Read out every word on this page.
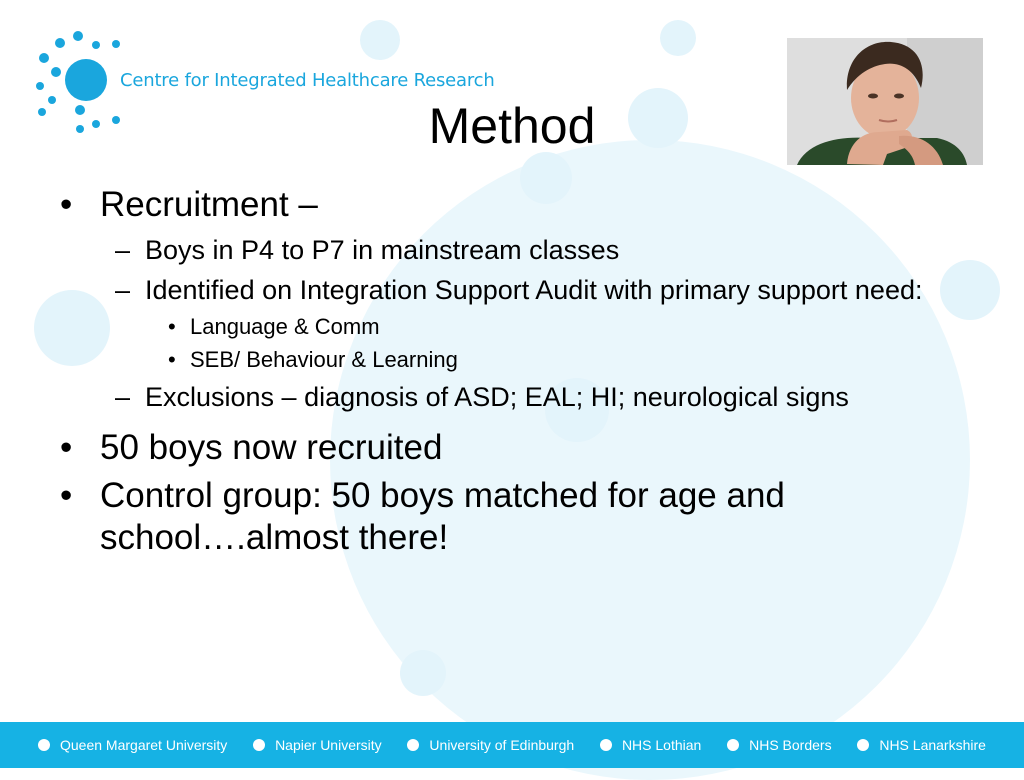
Centre for Integrated Healthcare Research
Method
• Recruitment –
– Boys in P4 to P7 in mainstream classes
– Identified on Integration Support Audit with primary support need:
• Language & Comm
• SEB/ Behaviour & Learning
– Exclusions – diagnosis of ASD; EAL; HI; neurological signs
• 50 boys now recruited
• Control group: 50 boys matched for age and school….almost there!
Queen Margaret University	Napier University	University of Edinburgh	NHS Lothian	NHS Borders	NHS Lanarkshire
